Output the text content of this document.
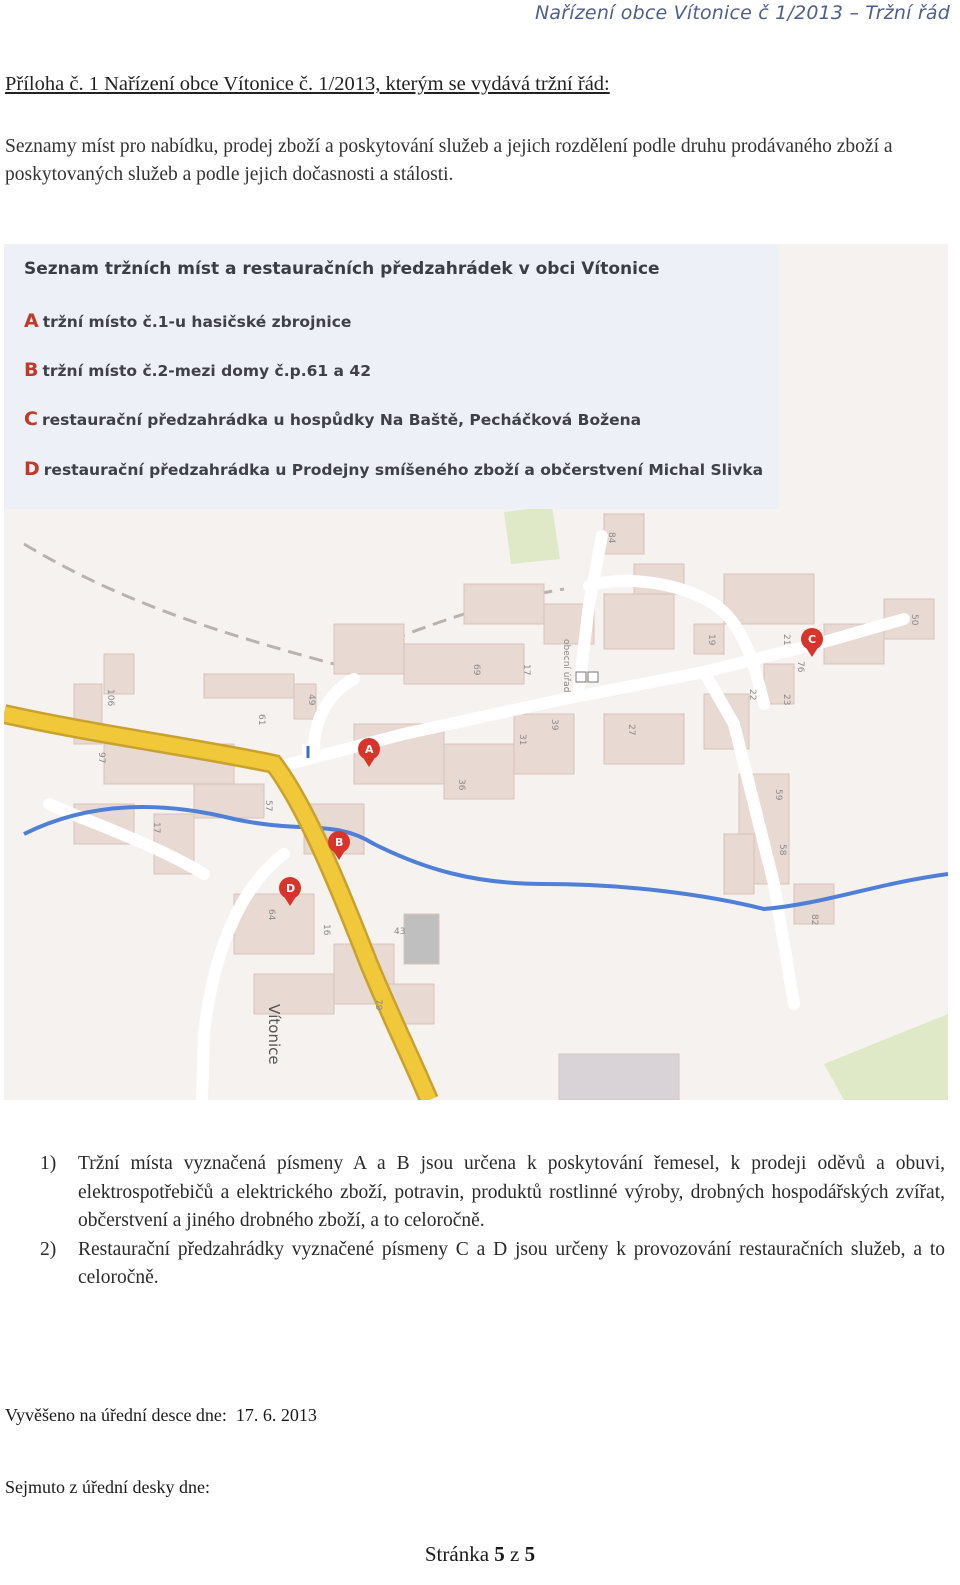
Nařízení obce Vítonice č 1/2013 – Tržní řád
Příloha č. 1 Nařízení obce Vítonice č. 1/2013, kterým se vydává tržní řád:
Seznamy míst pro nabídku, prodej zboží a poskytování služeb a jejich rozdělení podle druhu prodávaného zboží a poskytovaných služeb a podle jejich dočasnosti a stálosti.
84
49
61
97
17
69
36
39	27
31
19	21
76
22	23
59
58
82
43
79
16
57
64
106
17
50
obecní úřad
Vítonice
A
B
C
D
Seznam tržních míst a restauračních předzahrádek v obci Vítonice
A tržní místo č.1-u hasičské zbrojnice
B tržní místo č.2-mezi domy č.p.61 a 42
C restaurační předzahrádka u hospůdky Na Baště, Pecháčková Božena
D restaurační předzahrádka u Prodejny smíšeného zboží a občerstvení Michal Slivka
1) Tržní místa vyznačená písmeny A a B jsou určena k poskytování řemesel, k prodeji oděvů a obuvi, elektrospotřebičů a elektrického zboží, potravin, produktů rostlinné výroby, drobných hospodářských zvířat, občerstvení a jiného drobného zboží, a to celoročně.
2) Restaurační předzahrádky vyznačené písmeny C a D jsou určeny k provozování restauračních služeb, a to celoročně.
Vyvěšeno na úřední desce dne:  17. 6. 2013
Sejmuto z úřední desky dne:
Stránka 5 z 5
